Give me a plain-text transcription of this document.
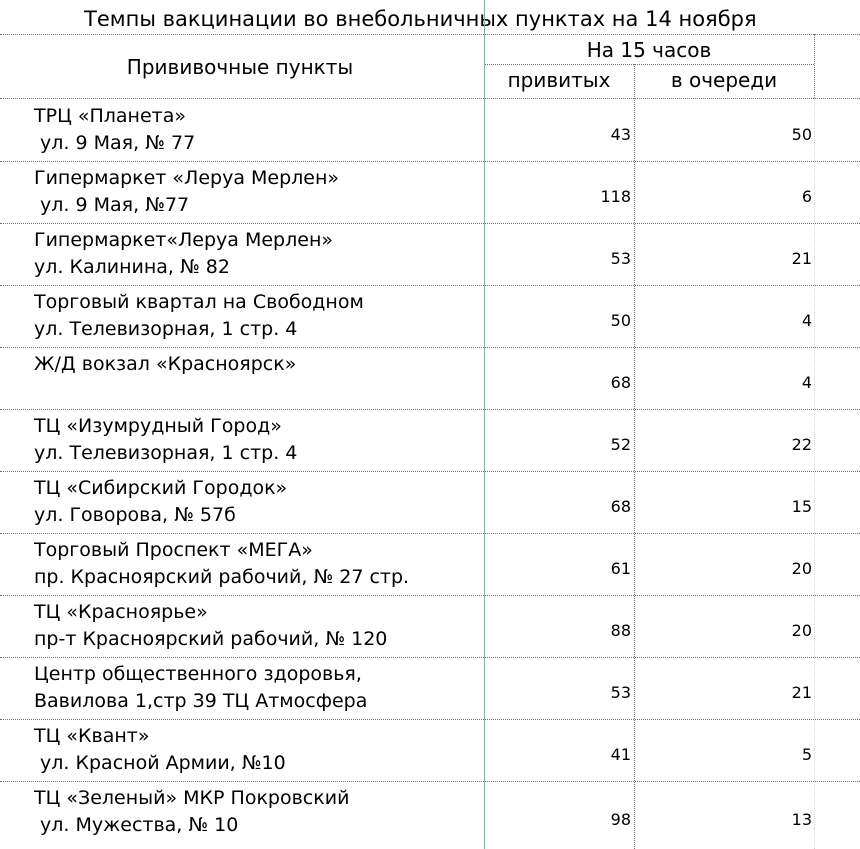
Темпы вакцинации во внебольничных пунктах на 14 ноября
Прививочные пункты
На 15 часов
привитых	в очереди
ТРЦ «Планета»
ул. 9 Мая, № 77	43	50
Гипермаркет «Леруа Мерлен»
ул. 9 Мая, №77	118	6
Гипермаркет«Леруа Мерлен»
ул. Калинина, № 82	53	21
Торговый квартал на Свободном
ул. Телевизорная, 1 стр. 4	50	4
Ж/Д вокзал «Красноярск»
68	4
ТЦ «Изумрудный Город»
ул. Телевизорная, 1 стр. 4	52	22
ТЦ «Сибирский Городок»
ул. Говорова, № 57б	68	15
Торговый Проспект «МЕГА»
пр. Красноярский рабочий, № 27 стр.	61	20
ТЦ «Красноярье»
пр-т Красноярский рабочий, № 120	88	20
Центр общественного здоровья,
Вавилова 1,стр 39 ТЦ Атмосфера	53	21
ТЦ «Квант»
ул. Красной Армии, №10	41	5
ТЦ «Зеленый» МКР Покровский
ул. Мужества, № 10	98	13
